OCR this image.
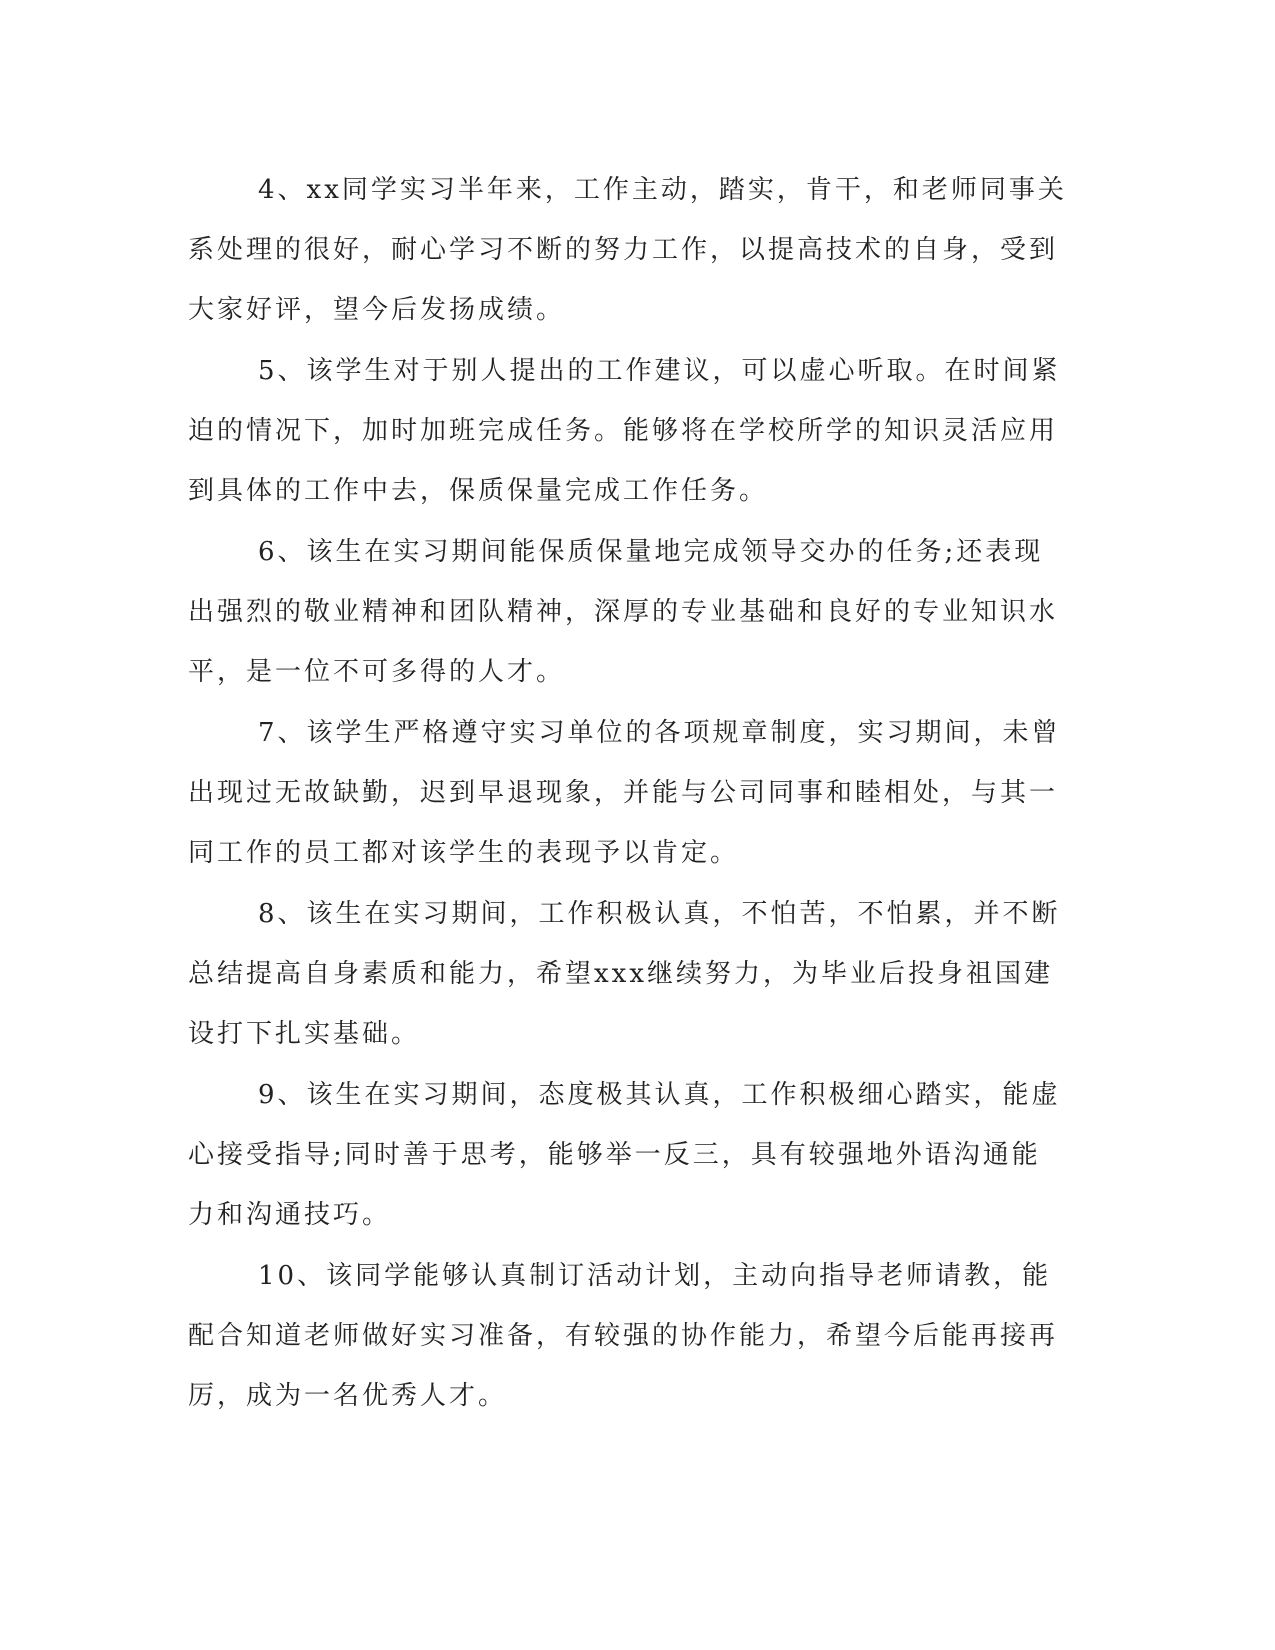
4、xx同学实习半年来，工作主动，踏实，肯干，和老师同事关系处理的很好，耐心学习不断的努力工作，以提高技术的自身，受到大家好评，望今后发扬成绩。

5、该学生对于别人提出的工作建议，可以虚心听取。在时间紧迫的情况下，加时加班完成任务。能够将在学校所学的知识灵活应用到具体的工作中去，保质保量完成工作任务。

6、该生在实习期间能保质保量地完成领导交办的任务;还表现出强烈的敬业精神和团队精神，深厚的专业基础和良好的专业知识水平，是一位不可多得的人才。

7、该学生严格遵守实习单位的各项规章制度，实习期间，未曾出现过无故缺勤，迟到早退现象，并能与公司同事和睦相处，与其一同工作的员工都对该学生的表现予以肯定。

8、该生在实习期间，工作积极认真，不怕苦，不怕累，并不断总结提高自身素质和能力，希望xxx继续努力，为毕业后投身祖国建设打下扎实基础。

9、该生在实习期间，态度极其认真，工作积极细心踏实，能虚心接受指导;同时善于思考，能够举一反三，具有较强地外语沟通能力和沟通技巧。

10、该同学能够认真制订活动计划，主动向指导老师请教，能配合知道老师做好实习准备，有较强的协作能力，希望今后能再接再厉，成为一名优秀人才。
